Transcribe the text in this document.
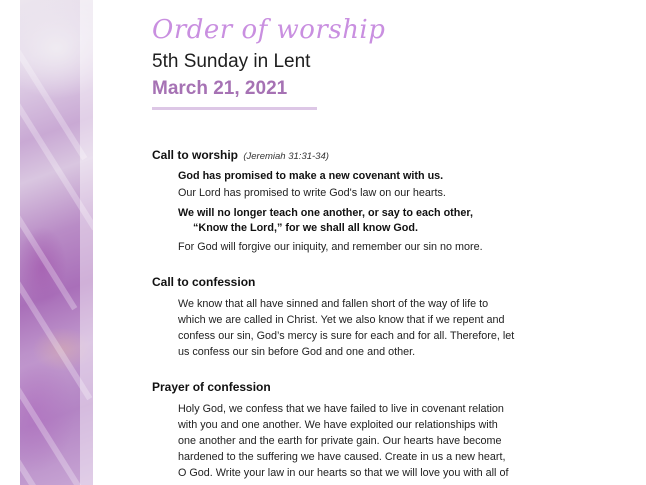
Order of worship
5th Sunday in Lent
March 21, 2021
Call to worship (Jeremiah 31:31-34)
God has promised to make a new covenant with us.
Our Lord has promised to write God's law on our hearts.
We will no longer teach one another, or say to each other,
“Know the Lord,” for we shall all know God.
For God will forgive our iniquity, and remember our sin no more.
Call to confession
We know that all have sinned and fallen short of the way of life to
which we are called in Christ. Yet we also know that if we repent and
confess our sin, God’s mercy is sure for each and for all. Therefore, let
us confess our sin before God and one and other.
Prayer of confession
Holy God, we confess that we have failed to live in covenant relation
with you and one another. We have exploited our relationships with
one another and the earth for private gain. Our hearts have become
hardened to the suffering we have caused. Create in us a new heart,
O God. Write your law in our hearts so that we will love you with all of
